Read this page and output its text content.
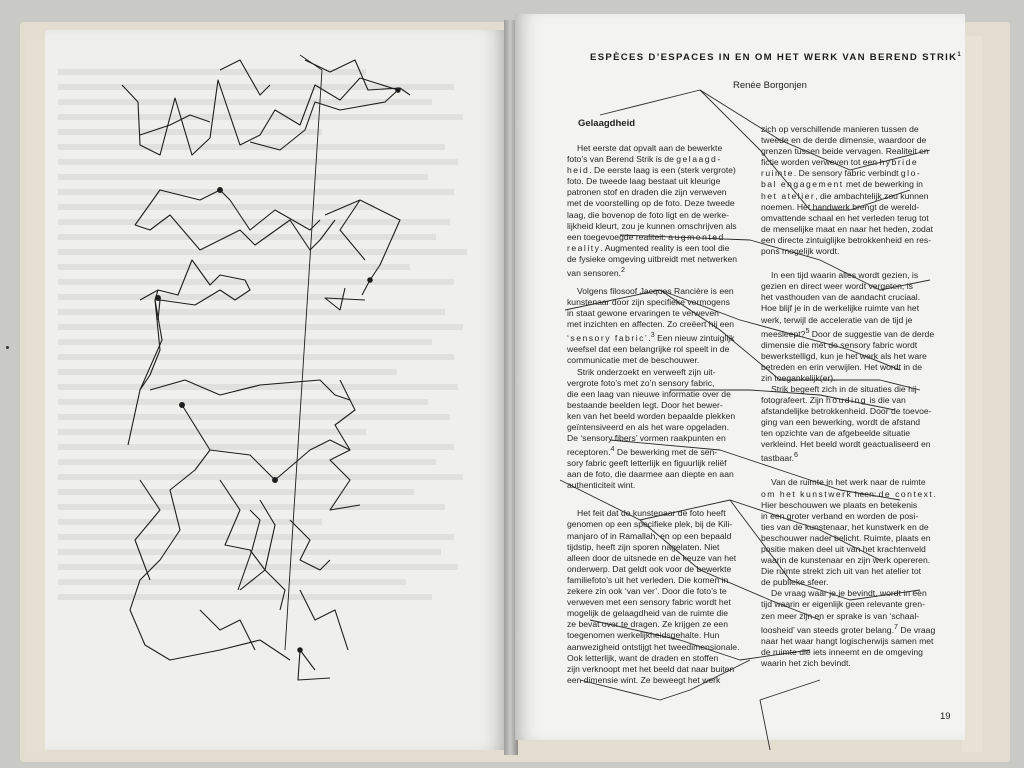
ESPÈCES D’ESPACES IN EN OM HET WERK VAN BEREND STRIK$^1$
Renée Borgonjen
Gelaagdheid

Het eerste dat opvalt aan de bewerkte
foto’s van Berend Strik is de gelaagd-
heid. De eerste laag is een (sterk vergrote)
foto. De tweede laag bestaat uit kleurige
patronen stof en draden die zijn verweven
met de voorstelling op de foto. Deze tweede
laag, die bovenop de foto ligt en de werke-
lijkheid kleurt, zou je kunnen omschrijven als
een toegevoegde realiteit: augmented
reality. Augmented reality is een tool die
de fysieke omgeving uitbreidt met netwerken
van sensoren.$^2$

Volgens filosoof Jacques Rancière is een
kunstenaar door zijn specifieke vermogens
in staat gewone ervaringen te verweven
met inzichten en affecten. Zo creëert hij een
‘sensory fabric’.$^3$ Een nieuw zintuiglijk
weefsel dat een belangrijke rol speelt in de
communicatie met de beschouwer.

Strik onderzoekt en verweeft zijn uit-
vergrote foto’s met zo’n sensory fabric,
die een laag van nieuwe informatie over de
bestaande beelden legt. Door het bewer-
ken van het beeld worden bepaalde plekken
geïntensiveerd en als het ware opgeladen.
De ‘sensory fibers’ vormen raakpunten en
receptoren.$^4$ De bewerking met de sen-
sory fabric geeft letterlijk en figuurlijk reliëf
aan de foto, die daarmee aan diepte en aan
authenticiteit wint.

Het feit dat de kunstenaar de foto heeft
genomen op een specifieke plek, bij de Kili-
manjaro of in Ramallah, en op een bepaald
tijdstip, heeft zijn sporen nagelaten. Niet
alleen door de uitsnede en de keuze van het
onderwerp. Dat geldt ook voor de bewerkte
familiefoto’s uit het verleden. Die komen in
zekere zin ook ‘van ver’. Door die foto’s te
verweven met een sensory fabric wordt het
mogelijk de gelaagdheid van de ruimte die
ze bevat over te dragen. Ze krijgen ze een
toegenomen werkelijkheidsgehalte. Hun
aanwezigheid ontstijgt het tweedimensionale.
Ook letterlijk, want de draden en stoffen
zijn verknoopt met het beeld dat naar buiten
een dimensie wint. Ze beweegt het werk

zich op verschillende manieren tussen de
tweede en de derde dimensie, waardoor de
grenzen tussen beide vervagen. Realiteit en
fictie worden verweven tot een hybride
ruimte. De sensory fabric verbindt glo-
bal engagement met de bewerking in
het atelier, die ambachtelijk zou kunnen
noemen. Het handwerk brengt de wereld-
omvattende schaal en het verleden terug tot
de menselijke maat en naar het heden, zodat
een directe zintuiglijke betrokkenheid en res-
pons mogelijk wordt.

In een tijd waarin alles wordt gezien, is
gezien en direct weer wordt vergeten, is
het vasthouden van de aandacht cruciaal.
Hoe blijf je in de werkelijke ruimte van het
werk, terwijl de acceleratie van de tijd je
meesleept?$^5$ Door de suggestie van de derde
dimensie die met de sensory fabric wordt
bewerkstelligd, kun je het werk als het ware
betreden en erin verwijlen. Het wordt in de
zin toegankelijk(er).

Strik begeeft zich in de situaties die hij
fotografeert. Zijn houding is die van
afstandelijke betrokkenheid. Door de toevoe-
ging van een bewerking, wordt de afstand
ten opzichte van de afgebeelde situatie
verkleind. Het beeld wordt geactualiseerd en
tastbaar.$^6$

Van de ruimte in het werk naar de ruimte
om het kunstwerk heen: de context.
Hier beschouwen we plaats en betekenis
in een groter verband en worden de posi-
ties van de kunstenaar, het kunstwerk en de
beschouwer nader belicht. Ruimte, plaats en
positie maken deel uit van het krachtenveld
waarin de kunstenaar en zijn werk opereren.
Die ruimte strekt zich uit van het atelier tot
de publieke sfeer.

De vraag waar je je bevindt, wordt in een
tijd waarin er eigenlijk geen relevante gren-
zen meer zijn en er sprake is van ‘schaal-
loosheid’ van steeds groter belang.$^7$ De vraag
naar het waar hangt logischerwijs samen met
de ruimte die iets inneemt en de omgeving
waarin het zich bevindt.

19
